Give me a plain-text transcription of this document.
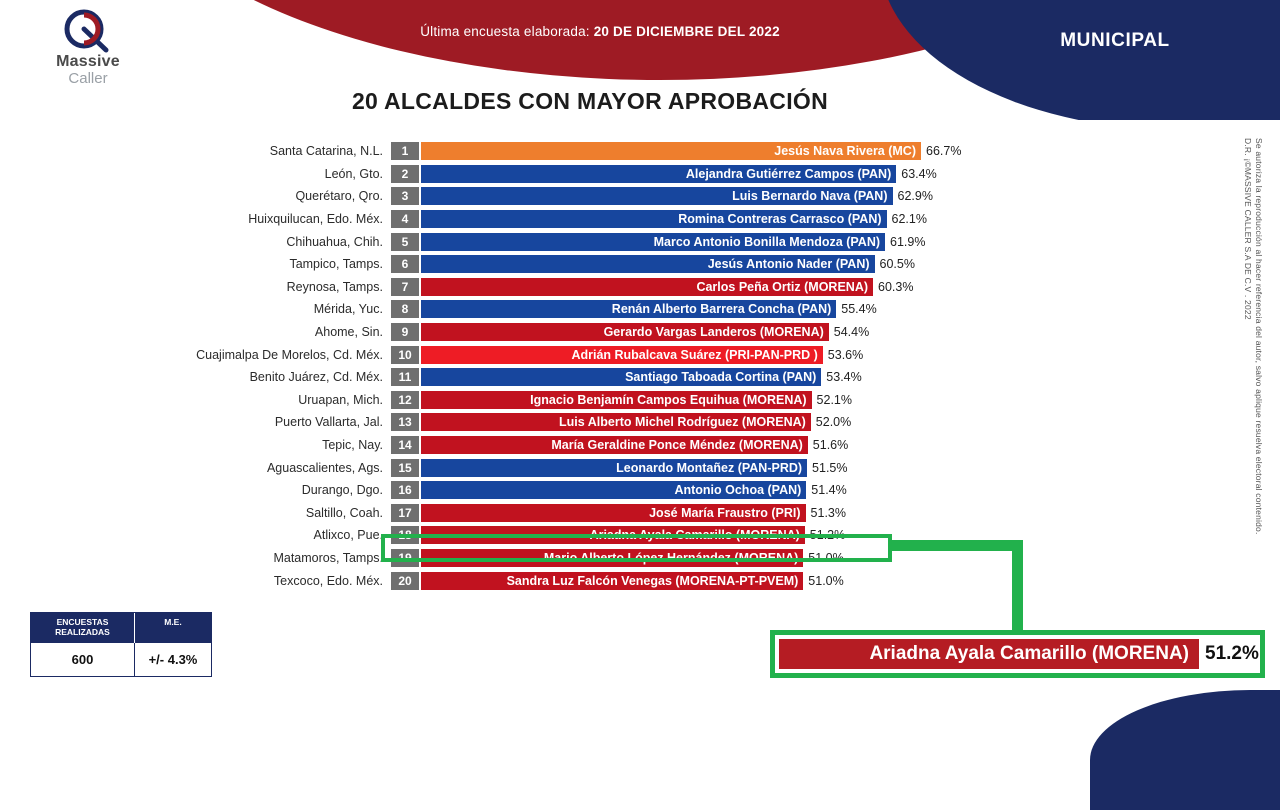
Última encuesta elaborada: 20 DE DICIEMBRE DEL 2022	MUNICIPAL
Massive
Caller
20 ALCALDES CON MAYOR APROBACIÓN
Santa Catarina, N.L.	1	Jesús Nava Rivera (MC) 66.7%
León, Gto.	2	Alejandra Gutiérrez Campos (PAN) 63.4%
Querétaro, Qro.	3	Luis Bernardo Nava (PAN) 62.9%
Huixquilucan, Edo. Méx.	4	Romina Contreras Carrasco (PAN) 62.1%
Chihuahua, Chih.	5	Marco Antonio Bonilla Mendoza (PAN) 61.9%
Tampico, Tamps.	6	Jesús Antonio Nader (PAN) 60.5%
Reynosa, Tamps.	7	Carlos Peña Ortiz (MORENA) 60.3%
Mérida, Yuc.	8	Renán Alberto Barrera Concha (PAN) 55.4%
Ahome, Sin.	9	Gerardo Vargas Landeros (MORENA) 54.4%
Cuajimalpa De Morelos, Cd. Méx.	10	Adrián Rubalcava Suárez (PRI-PAN-PRD ) 53.6%
Benito Juárez, Cd. Méx.	11	Santiago Taboada Cortina (PAN) 53.4%
Uruapan, Mich.	12	Ignacio Benjamín Campos Equihua (MORENA) 52.1%
Puerto Vallarta, Jal.	13	Luis Alberto Michel Rodríguez (MORENA) 52.0%
Tepic, Nay.	14	María Geraldine Ponce Méndez (MORENA) 51.6%
Aguascalientes, Ags.	15	Leonardo Montañez (PAN-PRD) 51.5%
Durango, Dgo.	16	Antonio Ochoa (PAN) 51.4%
Saltillo, Coah.	17	José María Fraustro (PRI) 51.3%
Atlixco, Pue.	18	Ariadna Ayala Camarillo (MORENA) 51.2%
Matamoros, Tamps.	19	Mario Alberto López Hernández (MORENA) 51.0%
Texcoco, Edo. Méx.	20	Sandra Luz Falcón Venegas (MORENA-PT-PVEM) 51.0%
Se autoriza la reproducción al hacer referencia del autor, salvo aplique resuelva electoral contenido.
D.R. ¡©MASSIVE CALLER S.A DE C.V . 2022
ENCUESTAS REALIZADAS
M.E.
600	+/- 4.3%	Ariadna Ayala Camarillo (MORENA) 51.2%
